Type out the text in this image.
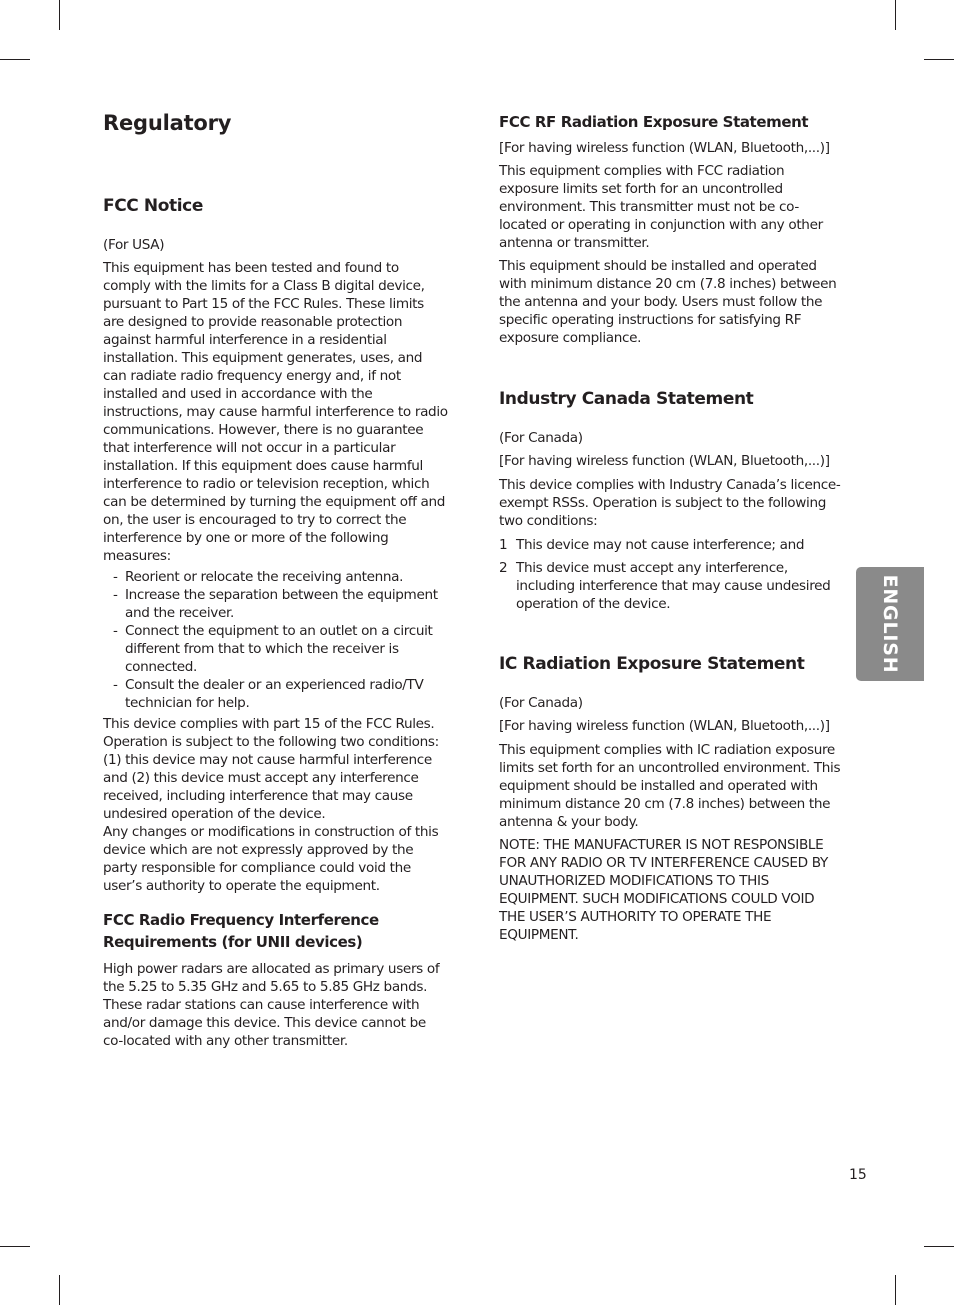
Regulatory
FCC Notice

(For USA)

This equipment has been tested and found to comply with the limits for a Class B digital device, pursuant to Part 15 of the FCC Rules. These limits are designed to provide reasonable protection against harmful interference in a residential installation. This equipment generates, uses, and can radiate radio frequency energy and, if not installed and used in accordance with the instructions, may cause harmful interference to radio communications. However, there is no guarantee that interference will not occur in a particular installation. If this equipment does cause harmful interference to radio or television reception, which can be determined by turning the equipment off and on, the user is encouraged to try to correct the interference by one or more of the following measures:

- Reorient or relocate the receiving antenna.
- Increase the separation between the equipment and the receiver.
- Connect the equipment to an outlet on a circuit different from that to which the receiver is connected.
- Consult the dealer or an experienced radio/TV technician for help.

This device complies with part 15 of the FCC Rules. Operation is subject to the following two conditions: (1) this device may not cause harmful interference and (2) this device must accept any interference received, including interference that may cause undesired operation of the device.

Any changes or modifications in construction of this device which are not expressly approved by the party responsible for compliance could void the user’s authority to operate the equipment.

FCC Radio Frequency Interference Requirements (for UNII devices)

High power radars are allocated as primary users of the 5.25 to 5.35 GHz and 5.65 to 5.85 GHz bands. These radar stations can cause interference with and/or damage this device. This device cannot be co-located with any other transmitter.

FCC RF Radiation Exposure Statement

[For having wireless function (WLAN, Bluetooth,...)]

This equipment complies with FCC radiation exposure limits set forth for an uncontrolled environment. This transmitter must not be co-located or operating in conjunction with any other antenna or transmitter.

This equipment should be installed and operated with minimum distance 20 cm (7.8 inches) between the antenna and your body. Users must follow the specific operating instructions for satisfying RF exposure compliance.

Industry Canada Statement

(For Canada)

[For having wireless function (WLAN, Bluetooth,...)]

This device complies with Industry Canada’s licence-exempt RSSs. Operation is subject to the following two conditions:

1 This device may not cause interference; and
2 This device must accept any interference, including interference that may cause undesired operation of the device.
IC Radiation Exposure Statement

(For Canada)

[For having wireless function (WLAN, Bluetooth,...)]

This equipment complies with IC radiation exposure limits set forth for an uncontrolled environment. This equipment should be installed and operated with minimum distance 20 cm (7.8 inches) between the antenna & your body.

NOTE: THE MANUFACTURER IS NOT RESPONSIBLE FOR ANY RADIO OR TV INTERFERENCE CAUSED BY UNAUTHORIZED MODIFICATIONS TO THIS EQUIPMENT. SUCH MODIFICATIONS COULD VOID THE USER’S AUTHORITY TO OPERATE THE EQUIPMENT.

ENGLISH
15
